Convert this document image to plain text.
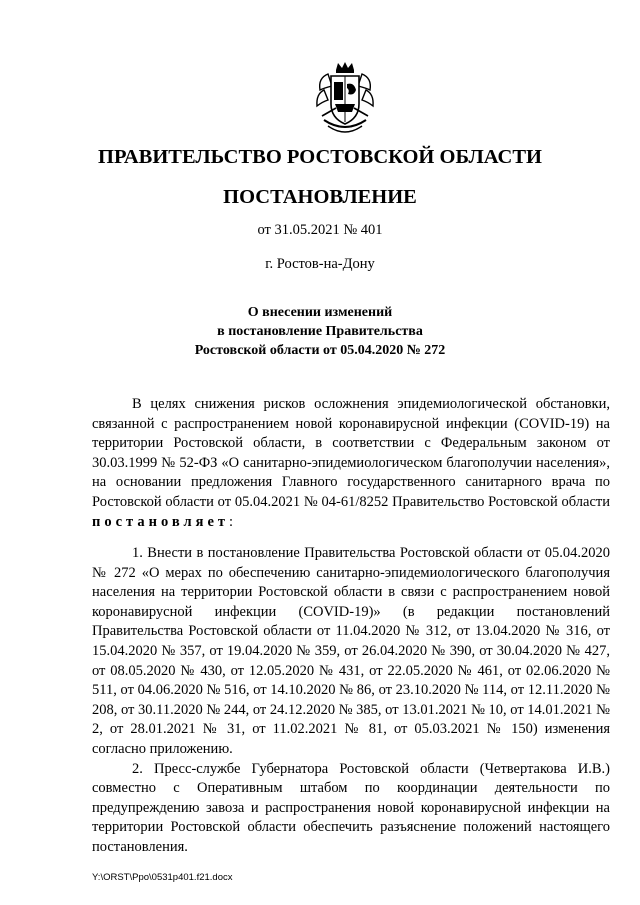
ПРАВИТЕЛЬСТВО РОСТОВСКОЙ ОБЛАСТИ
ПОСТАНОВЛЕНИЕ
от 31.05.2021 № 401
г. Ростов-на-Дону
О внесении изменений
в постановление Правительства
Ростовской области от 05.04.2020 № 272

В целях снижения рисков осложнения эпидемиологической обстановки, связанной с распространением новой коронавирусной инфекции (COVID-19) на территории Ростовской области, в соответствии с Федеральным законом от 30.03.1999 № 52-ФЗ «О санитарно-эпидемиологическом благополучии населения», на основании предложения Главного государственного санитарного врача по Ростовской области от 05.04.2021 № 04-61/8252 Правительство Ростовской области постановляет:

1. Внести в постановление Правительства Ростовской области от 05.04.2020 № 272 «О мерах по обеспечению санитарно-эпидемиологического благополучия населения на территории Ростовской области в связи с распространением новой коронавирусной инфекции (COVID-19)» (в редакции постановлений Правительства Ростовской области от 11.04.2020 № 312, от 13.04.2020 № 316, от 15.04.2020 № 357, от 19.04.2020 № 359, от 26.04.2020 № 390, от 30.04.2020 № 427, от 08.05.2020 № 430, от 12.05.2020 № 431, от 22.05.2020 № 461, от 02.06.2020 № 511, от 04.06.2020 № 516, от 14.10.2020 № 86, от 23.10.2020 № 114, от 12.11.2020 № 208, от 30.11.2020 № 244, от 24.12.2020 № 385, от 13.01.2021 № 10, от 14.01.2021 № 2, от 28.01.2021 № 31, от 11.02.2021 № 81, от 05.03.2021 № 150) изменения согласно приложению.

2. Пресс-службе Губернатора Ростовской области (Четвертакова И.В.) совместно с Оперативным штабом по координации деятельности по предупреждению завоза и распространения новой коронавирусной инфекции на территории Ростовской области обеспечить разъяснение положений настоящего постановления.

Y:\ORST\Ppo\0531p401.f21.docx
